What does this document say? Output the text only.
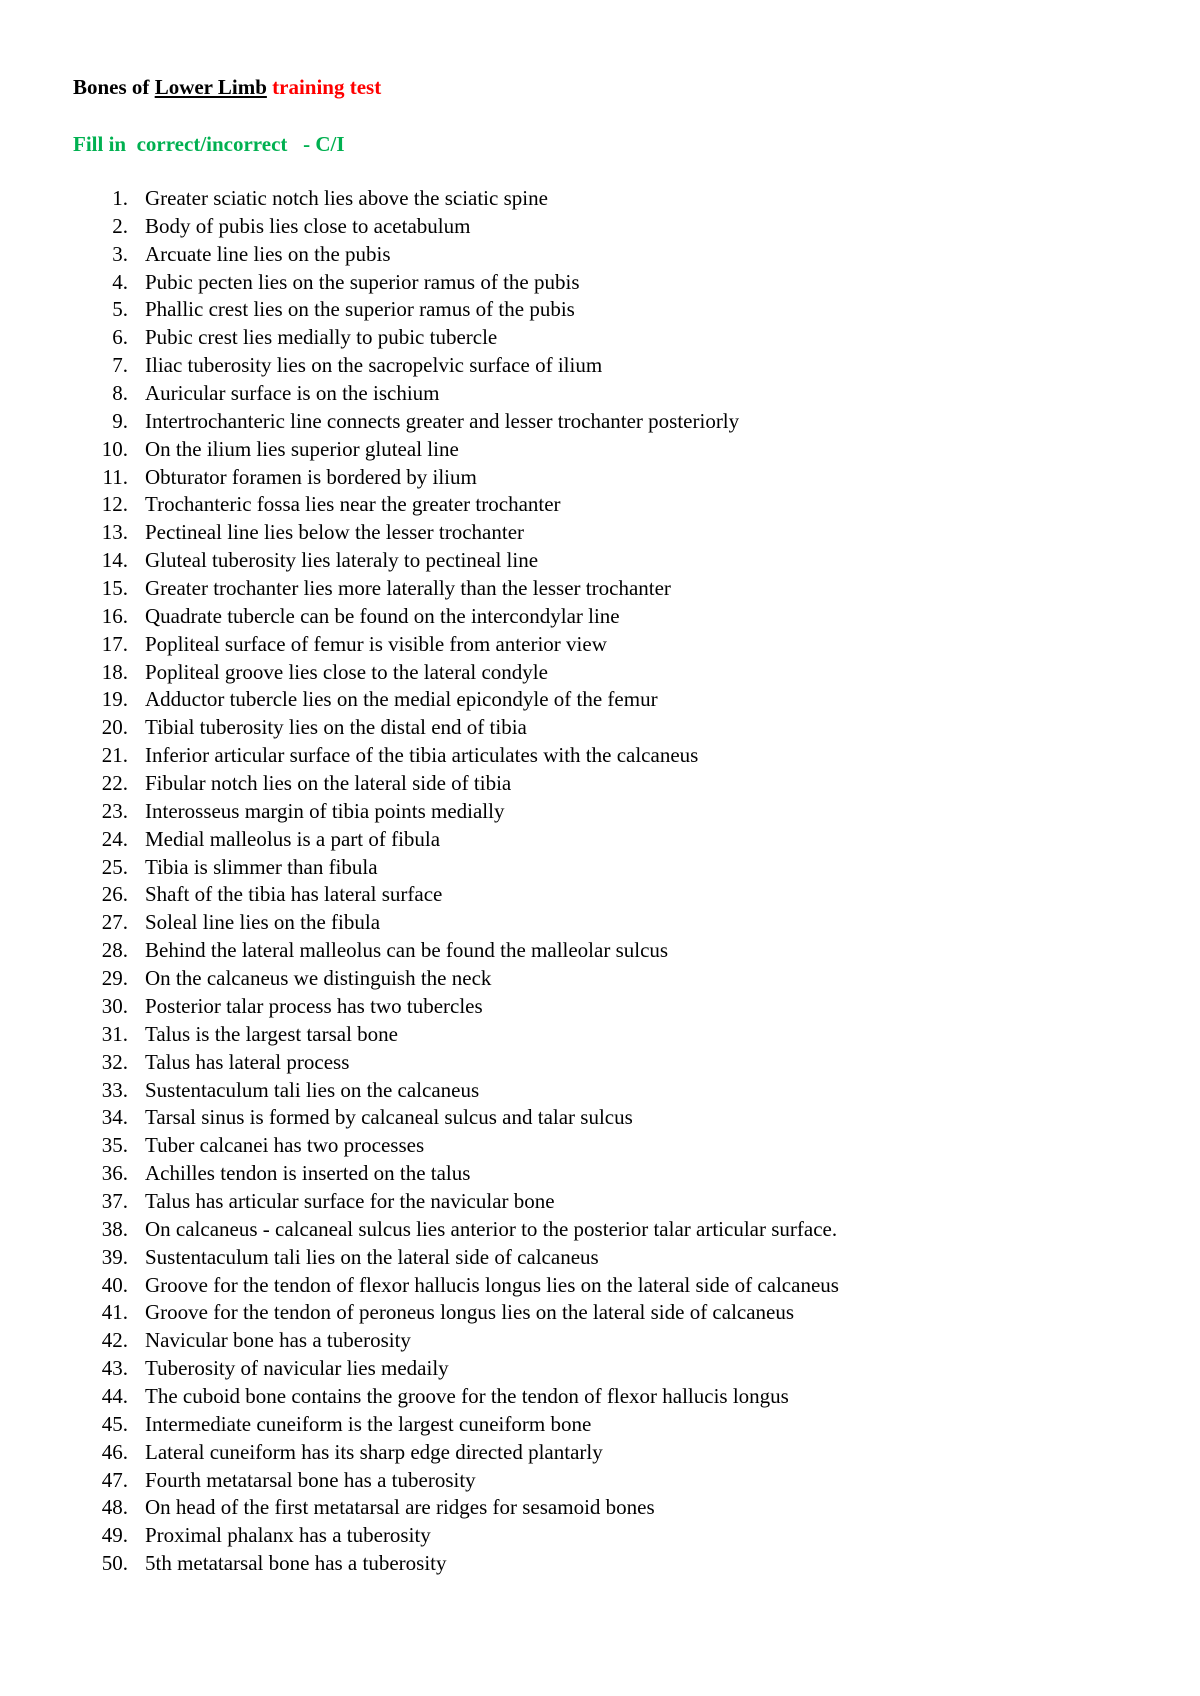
Bones of Lower Limb training test
Fill in  correct/incorrect   - C/I
1. Greater sciatic notch lies above the sciatic spine
2. Body of pubis lies close to acetabulum
3. Arcuate line lies on the pubis
4. Pubic pecten lies on the superior ramus of the pubis
5. Phallic crest lies on the superior ramus of the pubis
6. Pubic crest lies medially to pubic tubercle
7. Iliac tuberosity lies on the sacropelvic surface of ilium
8. Auricular surface is on the ischium
9. Intertrochanteric line connects greater and lesser trochanter posteriorly
10. On the ilium lies superior gluteal line
11. Obturator foramen is bordered by ilium
12. Trochanteric fossa lies near the greater trochanter
13. Pectineal line lies below the lesser trochanter
14. Gluteal tuberosity lies lateraly to pectineal line
15. Greater trochanter lies more laterally than the lesser trochanter
16. Quadrate tubercle can be found on the intercondylar line
17. Popliteal surface of femur is visible from anterior view
18. Popliteal groove lies close to the lateral condyle
19. Adductor tubercle lies on the medial epicondyle of the femur
20. Tibial tuberosity lies on the distal end of tibia
21. Inferior articular surface of the tibia articulates with the calcaneus
22. Fibular notch lies on the lateral side of tibia
23. Interosseus margin of tibia points medially
24. Medial malleolus is a part of fibula
25. Tibia is slimmer than fibula
26. Shaft of the tibia has lateral surface
27. Soleal line lies on the fibula
28. Behind the lateral malleolus can be found the malleolar sulcus
29. On the calcaneus we distinguish the neck
30. Posterior talar process has two tubercles
31. Talus is the largest tarsal bone
32. Talus has lateral process
33. Sustentaculum tali lies on the calcaneus
34. Tarsal sinus is formed by calcaneal sulcus and talar sulcus
35. Tuber calcanei has two processes
36. Achilles tendon is inserted on the talus
37. Talus has articular surface for the navicular bone
38. On calcaneus - calcaneal sulcus lies anterior to the posterior talar articular surface.
39. Sustentaculum tali lies on the lateral side of calcaneus
40. Groove for the tendon of flexor hallucis longus lies on the lateral side of calcaneus
41. Groove for the tendon of peroneus longus lies on the lateral side of calcaneus
42. Navicular bone has a tuberosity
43. Tuberosity of navicular lies medaily
44. The cuboid bone contains the groove for the tendon of flexor hallucis longus
45. Intermediate cuneiform is the largest cuneiform bone
46. Lateral cuneiform has its sharp edge directed plantarly
47. Fourth metatarsal bone has a tuberosity
48. On head of the first metatarsal are ridges for sesamoid bones
49. Proximal phalanx has a tuberosity
50. 5th metatarsal bone has a tuberosity
